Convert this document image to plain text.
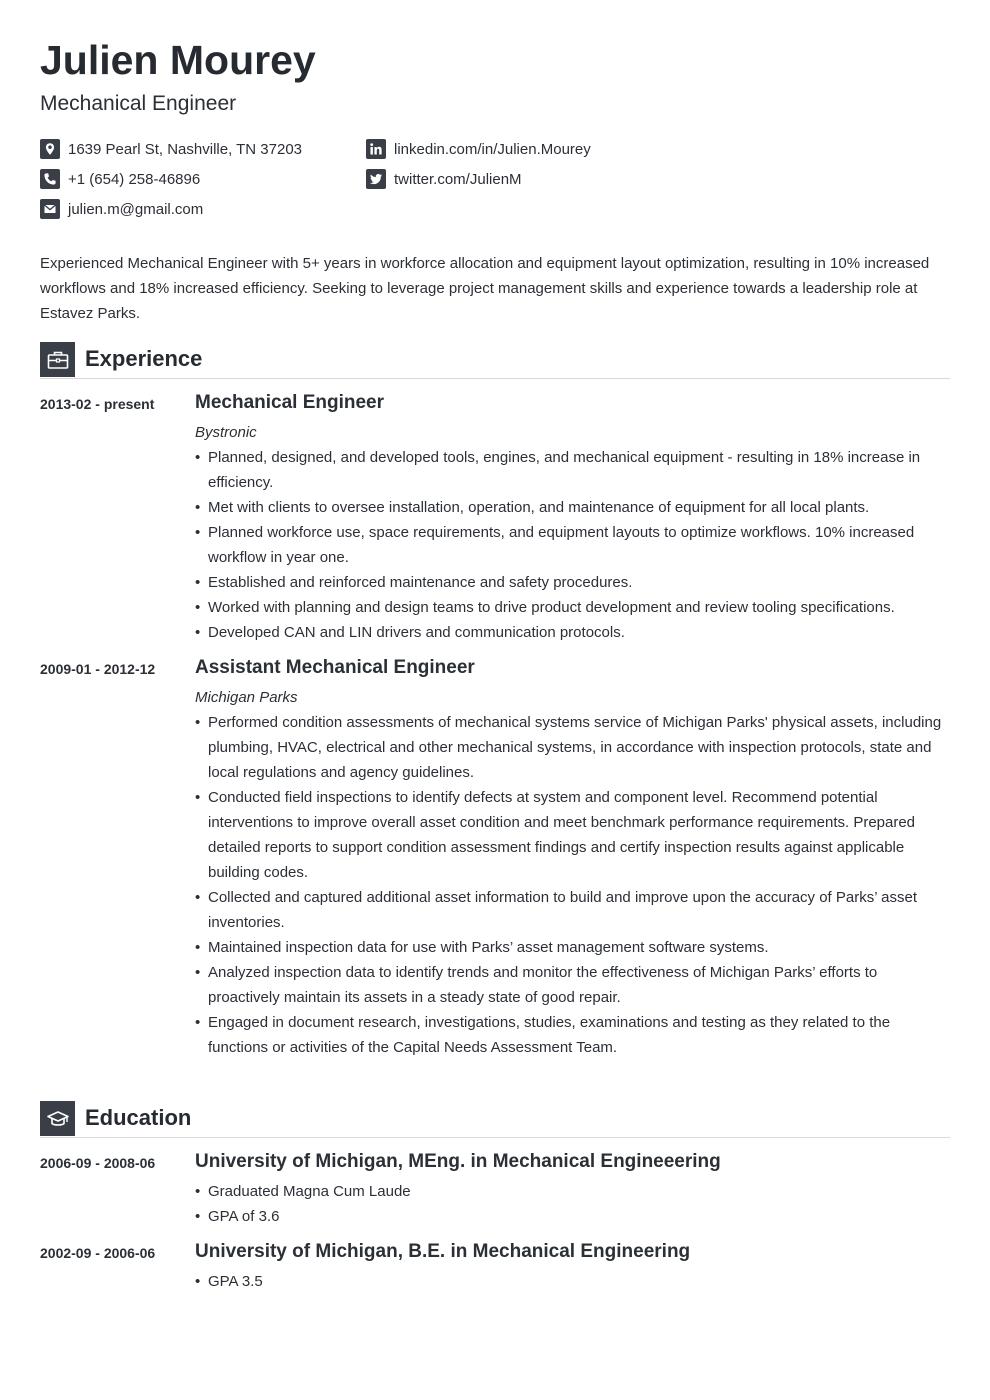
Julien Mourey
Mechanical Engineer
1639 Pearl St, Nashville, TN 37203
+1 (654) 258-46896
julien.m@gmail.com
linkedin.com/in/Julien.Mourey
twitter.com/JulienM
Experienced Mechanical Engineer with 5+ years in workforce allocation and equipment layout optimization, resulting in 10% increased workflows and 18% increased efficiency. Seeking to leverage project management skills and experience towards a leadership role at Estavez Parks.
Experience
2013-02 - present Mechanical Engineer
Bystronic
• Planned, designed, and developed tools, engines, and mechanical equipment - resulting in 18% increase in efficiency.
• Met with clients to oversee installation, operation, and maintenance of equipment for all local plants.
• Planned workforce use, space requirements, and equipment layouts to optimize workflows. 10% increased workflow in year one.
• Established and reinforced maintenance and safety procedures.
• Worked with planning and design teams to drive product development and review tooling specifications.
• Developed CAN and LIN drivers and communication protocols.
2009-01 - 2012-12 Assistant Mechanical Engineer
Michigan Parks
• Performed condition assessments of mechanical systems service of Michigan Parks' physical assets, including plumbing, HVAC, electrical and other mechanical systems, in accordance with inspection protocols, state and local regulations and agency guidelines.
• Conducted field inspections to identify defects at system and component level. Recommend potential interventions to improve overall asset condition and meet benchmark performance requirements. Prepared detailed reports to support condition assessment findings and certify inspection results against applicable building codes.
• Collected and captured additional asset information to build and improve upon the accuracy of Parks’ asset inventories.
• Maintained inspection data for use with Parks’ asset management software systems.
• Analyzed inspection data to identify trends and monitor the effectiveness of Michigan Parks’ efforts to proactively maintain its assets in a steady state of good repair.
• Engaged in document research, investigations, studies, examinations and testing as they related to the functions or activities of the Capital Needs Assessment Team.
Education
2006-09 - 2008-06 University of Michigan, MEng. in Mechanical Engineeering
• Graduated Magna Cum Laude
• GPA of 3.6
2002-09 - 2006-06 University of Michigan, B.E. in Mechanical Engineering
• GPA 3.5
